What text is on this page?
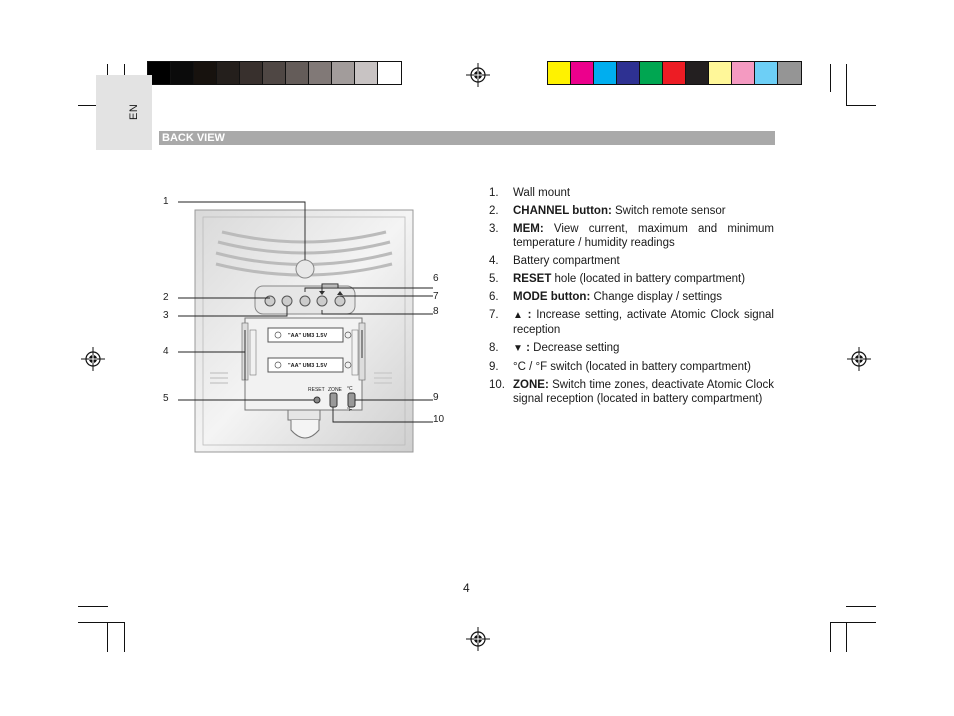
EN
BACK VIEW
"AA" UM3 1.5V
"AA" UM3 1.5V
RESET ZONE °C
°F
1
2
3
4
5
6
7
8
9
10
1.	Wall mount
2.	CHANNEL button: Switch remote sensor
3.	MEM: View current, maximum and minimum temperature / humidity readings
4.	Battery compartment
5.	RESET hole (located in battery compartment)
6.	MODE button: Change display / settings
7.	▲ : Increase setting, activate Atomic Clock signal reception
8.	▼ : Decrease setting
9.	°C / °F switch (located in battery compartment)
10. ZONE: Switch time zones, deactivate Atomic Clock signal reception (located in battery compartment)
4
